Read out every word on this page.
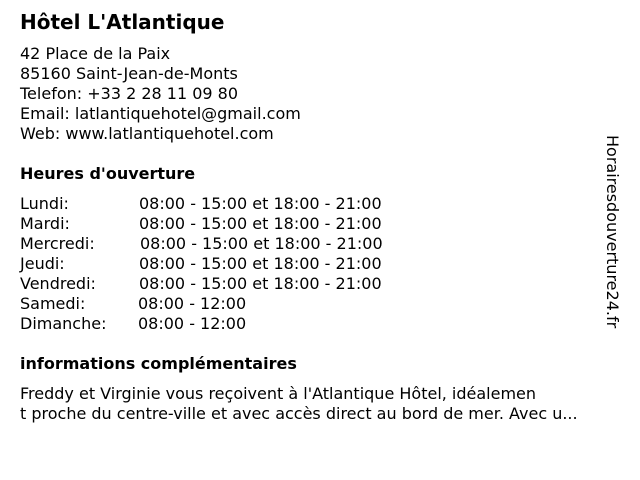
Hôtel L'Atlantique
42 Place de la Paix
85160 Saint-Jean-de-Monts
Telefon: +33 2 28 11 09 80
Email: latlantiquehotel@gmail.com
Web: www.latlantiquehotel.com
Heures d'ouverture
Lundi:	08:00 - 15:00 et 18:00 - 21:00
Mardi:	08:00 - 15:00 et 18:00 - 21:00
Mercredi:	08:00 - 15:00 et 18:00 - 21:00
Jeudi:	08:00 - 15:00 et 18:00 - 21:00
Vendredi:	08:00 - 15:00 et 18:00 - 21:00
Samedi:	08:00 - 12:00
Dimanche: 08:00 - 12:00
informations complémentaires
Freddy et Virginie vous reçoivent à l'Atlantique Hôtel, idéalemen
t proche du centre-ville et avec accès direct au bord de mer. Avec u...
Horairesdouverture24.fr
